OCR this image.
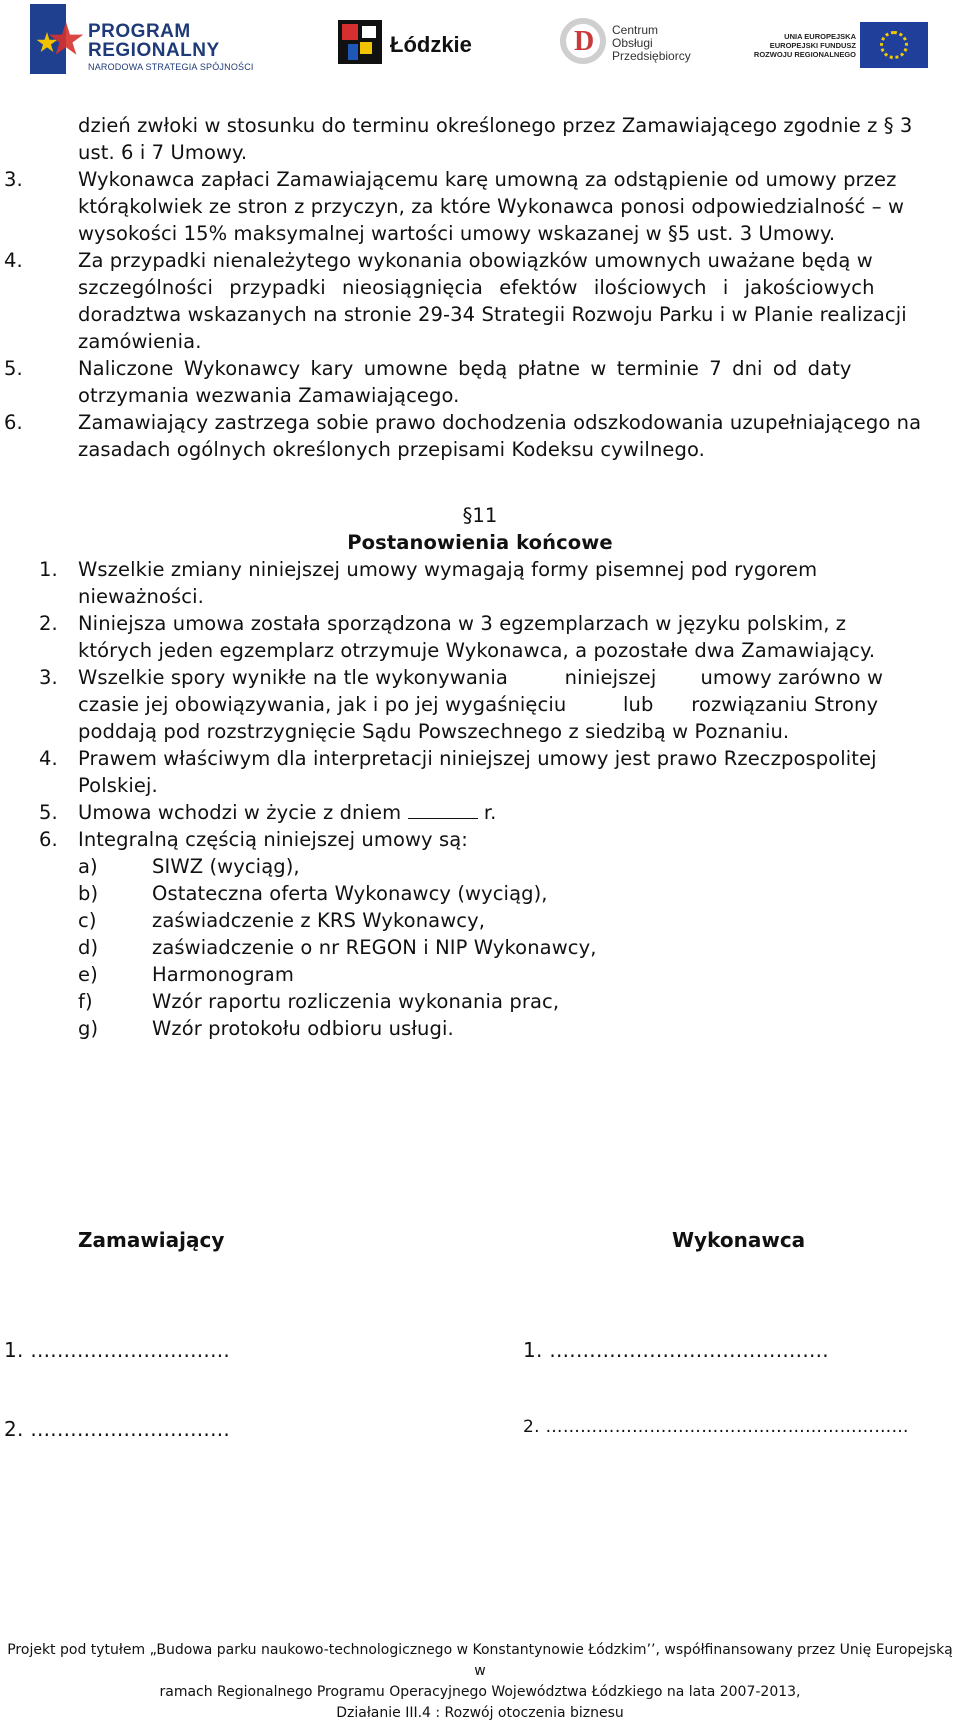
PROGRAM
REGIONALNY
NARODOWA STRATEGIA SPÓJNOŚCI
Łódzkie
D
Centrum
Obsługi
Przedsiębiorcy
UNIA EUROPEJSKA
EUROPEJSKI FUNDUSZ
ROZWOJU REGIONALNEGO
dzień zwłoki w stosunku do terminu określonego przez Zamawiającego zgodnie z § 3
ust. 6 i 7 Umowy.
3.	Wykonawca zapłaci Zamawiającemu karę umowną za odstąpienie od umowy przez
którąkolwiek ze stron z przyczyn, za które Wykonawca ponosi odpowiedzialność – w
wysokości 15% maksymalnej wartości umowy wskazanej w §5 ust. 3 Umowy.
4.	Za przypadki nienależytego wykonania obowiązków umownych uważane będą w
szczególności przypadki nieosiągnięcia efektów ilościowych i jakościowych
doradztwa wskazanych na stronie 29-34 Strategii Rozwoju Parku i w Planie realizacji
zamówienia.
5.	Naliczone Wykonawcy kary umowne będą płatne w terminie 7 dni od daty
otrzymania wezwania Zamawiającego.
6.	Zamawiający zastrzega sobie prawo dochodzenia odszkodowania uzupełniającego na
zasadach ogólnych określonych przepisami Kodeksu cywilnego.
§11
Postanowienia końcowe
1. Wszelkie zmiany niniejszej umowy wymagają formy pisemnej pod rygorem
nieważności.
2. Niniejsza umowa została sporządzona w 3 egzemplarzach w języku polskim, z
których jeden egzemplarz otrzymuje Wykonawca, a pozostałe dwa Zamawiający.
3. Wszelkie spory wynikłe na tle wykonywania         niniejszej       umowy zarówno w
czasie jej obowiązywania, jak i po jej wygaśnięciu         lub      rozwiązaniu Strony
poddają pod rozstrzygnięcie Sądu Powszechnego z siedzibą w Poznaniu.
4. Prawem właściwym dla interpretacji niniejszej umowy jest prawo Rzeczpospolitej
Polskiej.
5. Umowa wchodzi w życie z dniem	r.
6. Integralną częścią niniejszej umowy są:
a)	SIWZ (wyciąg),
b)	Ostateczna oferta Wykonawcy (wyciąg),
c)	zaświadczenie z KRS Wykonawcy,
d)	zaświadczenie o nr REGON i NIP Wykonawcy,
e)	Harmonogram
f)	Wzór raportu rozliczenia wykonania prac,
g)	Wzór protokołu odbioru usługi.
Zamawiający	Wykonawca
1. ..............................	1. ..........................................
2. ..............................	2. ………………………………………………………
Projekt pod tytułem „Budowa parku naukowo-technologicznego w Konstantynowie Łódzkim’’, współfinansowany przez Unię Europejską w
ramach Regionalnego Programu Operacyjnego Województwa Łódzkiego na lata 2007-2013,
Działanie III.4 : Rozwój otoczenia biznesu
